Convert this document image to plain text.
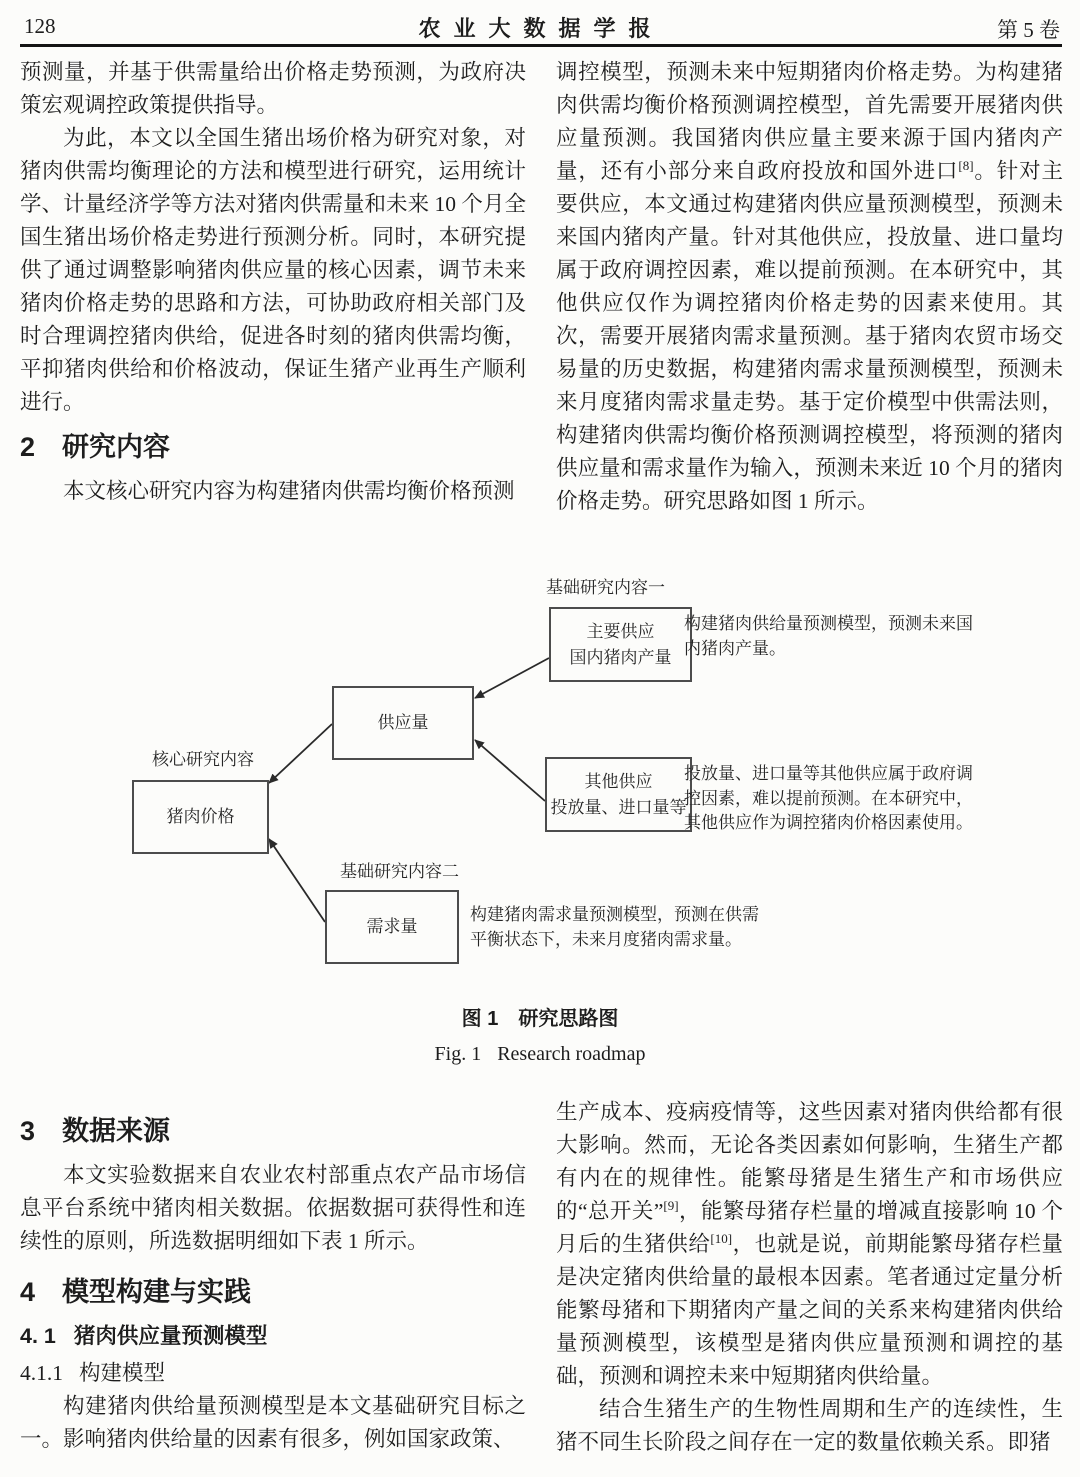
128	农业大数据学报	第 5 卷

预测量，并基于供需量给出价格走势预测，为政府决策宏观调控政策提供指导。

为此，本文以全国生猪出场价格为研究对象，对猪肉供需均衡理论的方法和模型进行研究，运用统计学、计量经济学等方法对猪肉供需量和未来 10 个月全国生猪出场价格走势进行预测分析。同时，本研究提供了通过调整影响猪肉供应量的核心因素，调节未来猪肉价格走势的思路和方法，可协助政府相关部门及时合理调控猪肉供给，促进各时刻的猪肉供需均衡，平抑猪肉供给和价格波动，保证生猪产业再生产顺利进行。

2 研究内容

本文核心研究内容为构建猪肉供需均衡价格预测

调控模型，预测未来中短期猪肉价格走势。为构建猪肉供需均衡价格预测调控模型，首先需要开展猪肉供应量预测。我国猪肉供应量主要来源于国内猪肉产量，还有小部分来自政府投放和国外进口[8]。针对主要供应，本文通过构建猪肉供应量预测模型，预测未来国内猪肉产量。针对其他供应，投放量、进口量均属于政府调控因素，难以提前预测。在本研究中，其他供应仅作为调控猪肉价格走势的因素来使用。其次，需要开展猪肉需求量预测。基于猪肉农贸市场交易量的历史数据，构建猪肉需求量预测模型，预测未来月度猪肉需求量走势。基于定价模型中供需法则，构建猪肉供需均衡价格预测调控模型，将预测的猪肉供应量和需求量作为输入，预测未来近 10 个月的猪肉价格走势。研究思路如图 1 所示。

基础研究内容一
主要供应
国内猪肉产量
构建猪肉供给量预测模型，预测未来国内猪肉产量。
供应量
核心研究内容
其他供应
投放量、进口量等
投放量、进口量等其他供应属于政府调控因素，难以提前预测。在本研究中，其他供应作为调控猪肉价格因素使用。
猪肉价格
基础研究内容二
需求量
构建猪肉需求量预测模型，预测在供需平衡状态下，未来月度猪肉需求量。
图 1 研究思路图
Fig. 1 Research roadmap
3 数据来源

本文实验数据来自农业农村部重点农产品市场信息平台系统中猪肉相关数据。依据数据可获得性和连续性的原则，所选数据明细如下表 1 所示。

4 模型构建与实践
4. 1 猪肉供应量预测模型
4.1.1 构建模型

构建猪肉供给量预测模型是本文基础研究目标之一。影响猪肉供给量的因素有很多，例如国家政策、

生产成本、疫病疫情等，这些因素对猪肉供给都有很大影响。然而，无论各类因素如何影响，生猪生产都有内在的规律性。能繁母猪是生猪生产和市场供应的“总开关”[9]，能繁母猪存栏量的增减直接影响 10 个月后的生猪供给[10]，也就是说，前期能繁母猪存栏量是决定猪肉供给量的最根本因素。笔者通过定量分析能繁母猪和下期猪肉产量之间的关系来构建猪肉供给量预测模型，该模型是猪肉供应量预测和调控的基础，预测和调控未来中短期猪肉供给量。

结合生猪生产的生物性周期和生产的连续性，生猪不同生长阶段之间存在一定的数量依赖关系。即猪
